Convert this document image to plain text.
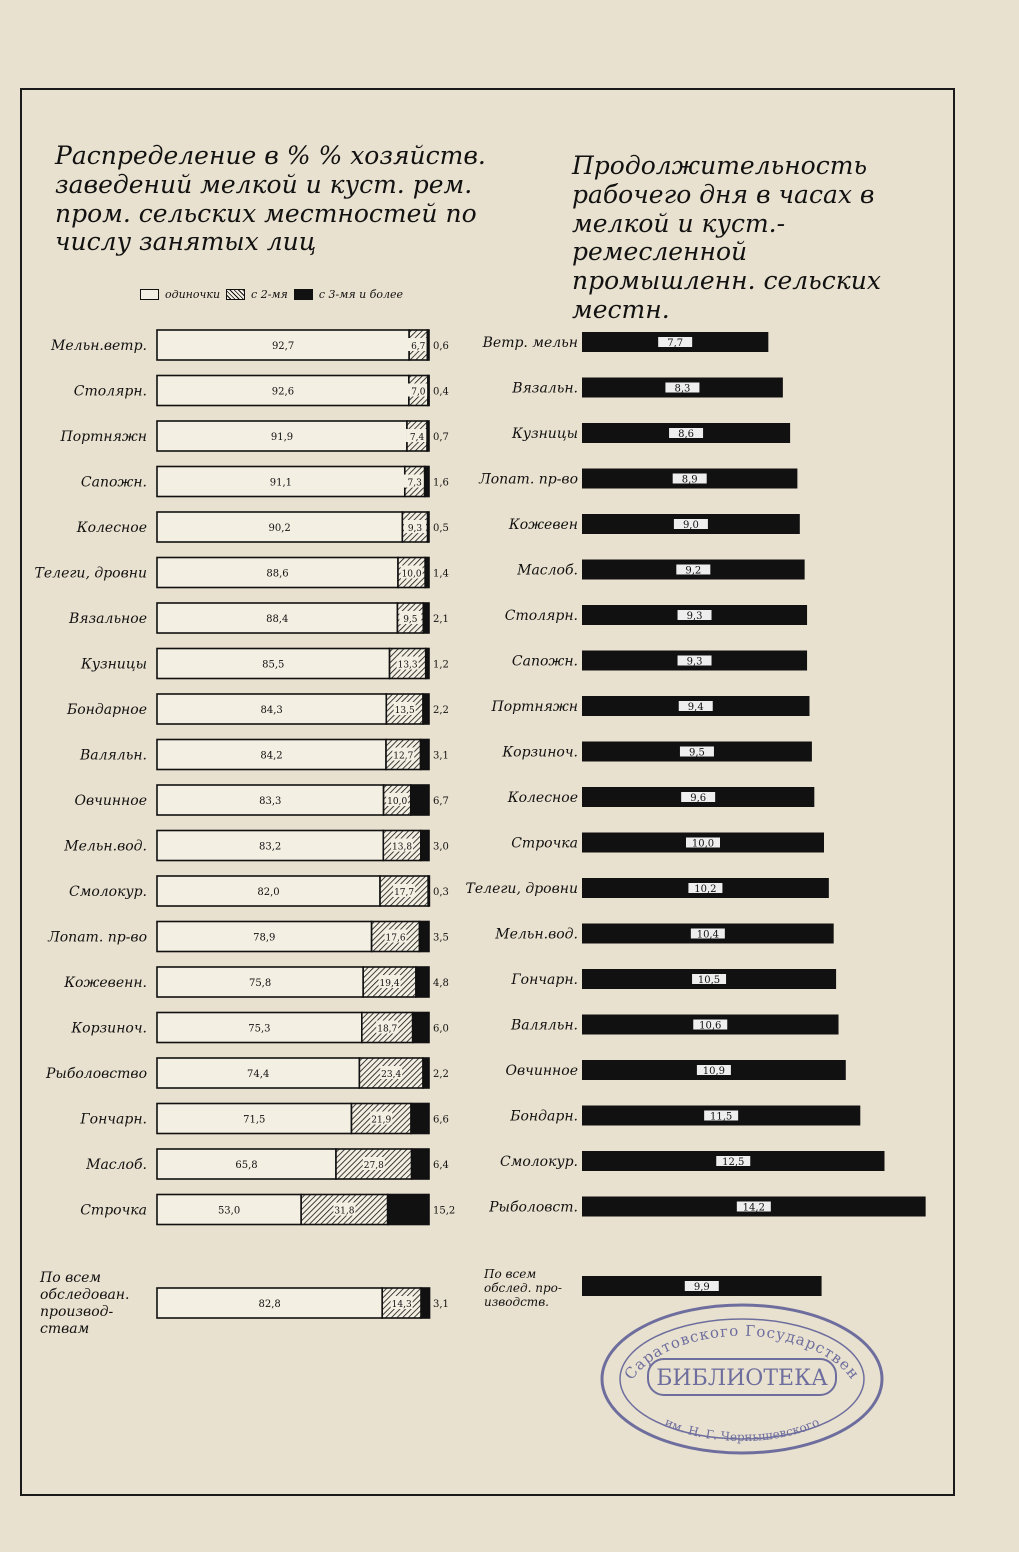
Распределение в % % хозяйств. заведений мелкой и куст. рем. пром. сельских местностей по числу занятых лиц
Продолжительность рабочего дня в часах в мелкой и куст.-ремесленной промышленн. сельских местн.
одиночки	с 2-мя	с 3-мя и более
Мельн.ветр.	92,7	6,7 0,6
Столярн.	92,6	7,0 0,4
Портняжн	91,9	7,4 0,7
Сапожн.	91,1	7,3 1,6
Колесное	90,2	9,3 0,5
Телеги, дровни	88,6	10,0 1,4
Вязальное	88,4	9,5 2,1
Кузницы	85,5	13,3 1,2
Бондарное	84,3	13,5 2,2
Валяльн.	84,2	12,7 3,1
Овчинное	83,3	10,0	6,7
Мельн.вод.	83,2	13,8 3,0
Смолокур.	82,0	17,7 0,3
Лопат. пр-во	78,9	17,6	3,5
Кожевенн.	75,8	19,4	4,8
Корзиноч.	75,3	18,7	6,0
Рыболовство	74,4	23,4	2,2
Гончарн.	71,5	21,9	6,6
Маслоб.	65,8	27,8	6,4
Строчка	53,0	31,8	15,2
По всем
обследован.
производ-
ствам
82,8	14,3 3,1
Ветр. мельн	7,7
Вязальн.	8,3
Кузницы	8,6
Лопат. пр-во	8,9
Кожевен	9,0
Маслоб.	9,2
Столярн.	9,3
Сапожн.	9,3
Портняжн	9,4
Корзиноч.	9,5
Колесное	9,6
Строчка	10,0
Телеги, дровни	10,2
Мельн.вод.	10,4
Гончарн.	10,5
Валяльн.	10,6
Овчинное	10,9
Бондарн.	11,5
Смолокур.	12,5
Рыболовст.	14,2
По всем
обслед. про-
изводств.
9,9
Саратовского Государствен
БИБЛИОТЕКА
им. Н. Г. Чернышевского
